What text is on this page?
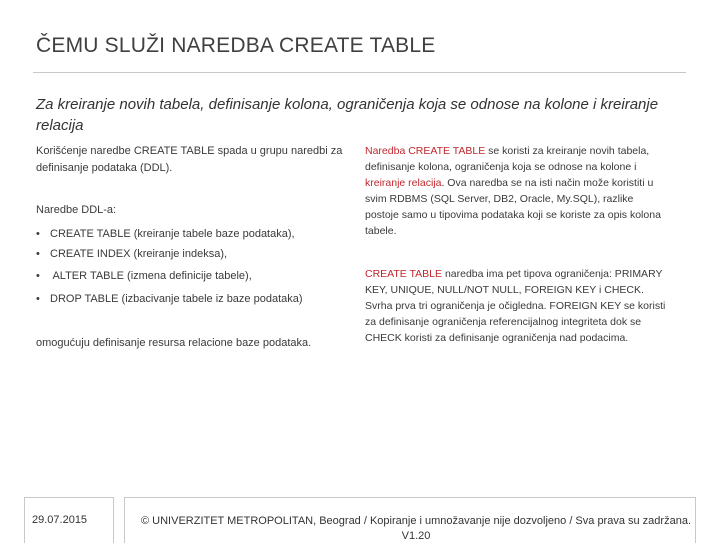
ČEMU SLUŽI NAREDBA CREATE TABLE
Za kreiranje novih tabela, definisanje kolona, ograničenja koja se odnose na kolone i kreiranje relacija
Korišćenje naredbe CREATE TABLE spada u grupu naredbi za
definisanje podataka (DDL).
Naredbe DDL-a:
• CREATE TABLE (kreiranje tabele baze podataka),
• CREATE INDEX (kreiranje indeksa),
• ALTER TABLE (izmena definicije tabele),
• DROP TABLE (izbacivanje tabele iz baze podataka)
omogućuju definisanje resursa relacione baze podataka.
Naredba CREATE TABLE se koristi za kreiranje novih tabela,
definisanje kolona, ograničenja koja se odnose na kolone i
kreiranje relacija. Ova naredba se na isti način može koristiti u
svim RDBMS (SQL Server, DB2, Oracle, My.SQL), razlike
postoje samo u tipovima podataka koji se koriste za opis kolona
tabele.
CREATE TABLE naredba ima pet tipova ograničenja: PRIMARY
KEY, UNIQUE, NULL/NOT NULL, FOREIGN KEY i CHECK.
Svrha prva tri ograničenja je očigledna. FOREIGN KEY se koristi
za definisanje ograničenja referencijalnog integriteta dok se
CHECK koristi za definisanje ograničenja nad podacima.
29.07.2015	© UNIVERZITET METROPOLITAN, Beograd / Kopiranje i umnožavanje nije dozvoljeno / Sva prava su zadržana.
V1.20
